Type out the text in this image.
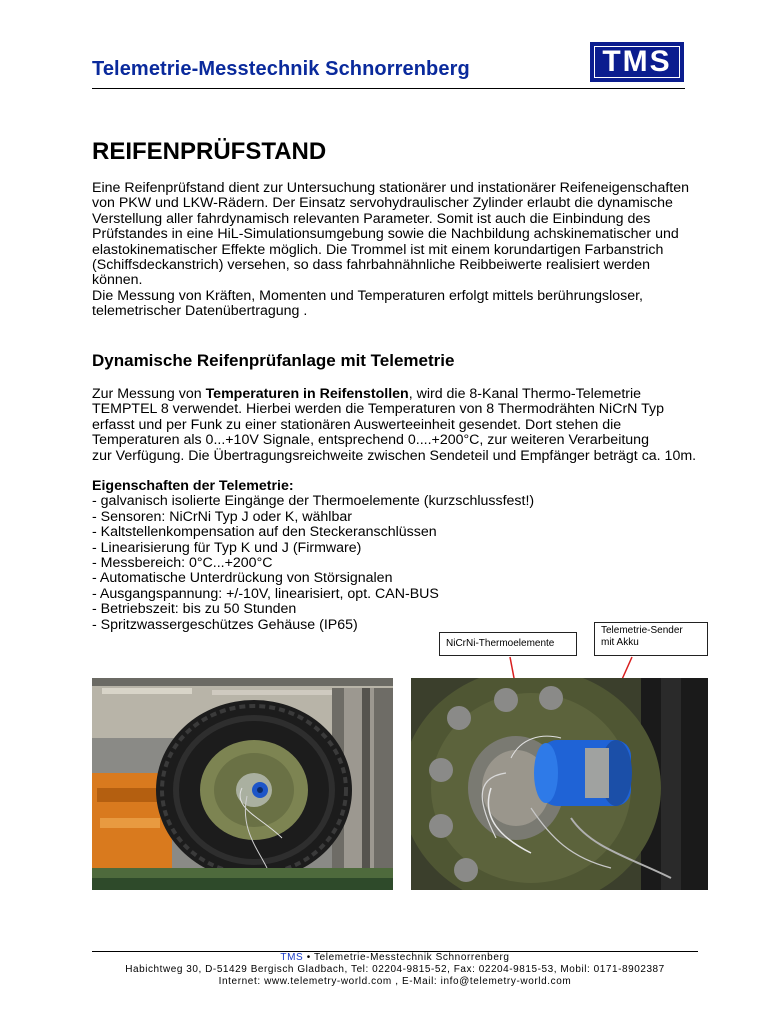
Telemetrie-Messtechnik Schnorrenberg	TMS
REIFENPRÜFSTAND
Eine Reifenprüfstand dient zur Untersuchung stationärer und instationärer Reifeneigenschaften
von PKW und LKW-Rädern. Der Einsatz servohydraulischer Zylinder erlaubt die dynamische
Verstellung aller fahrdynamisch relevanten Parameter. Somit ist auch die Einbindung des
Prüfstandes in eine HiL-Simulationsumgebung sowie die Nachbildung achskinematischer und
elastokinematischer Effekte möglich. Die Trommel ist mit einem korundartigen Farbanstrich
(Schiffsdeckanstrich) versehen, so dass fahrbahnähnliche Reibbeiwerte realisiert werden
können.
Die Messung von Kräften, Momenten und Temperaturen erfolgt mittels berührungsloser,
telemetrischer Datenübertragung .
Dynamische Reifenprüfanlage mit Telemetrie
Zur Messung von Temperaturen in Reifenstollen, wird die 8-Kanal Thermo-Telemetrie
TEMPTEL 8 verwendet. Hierbei werden die Temperaturen von 8 Thermodrähten NiCrN Typ
erfasst und per Funk zu einer stationären Auswerteeinheit gesendet. Dort stehen die
Temperaturen als 0...+10V Signale, entsprechend 0....+200°C, zur weiteren Verarbeitung
zur Verfügung. Die Übertragungsreichweite zwischen Sendeteil und Empfänger beträgt ca. 10m.
Eigenschaften der Telemetrie:
- galvanisch isolierte Eingänge der Thermoelemente (kurzschlussfest!)
- Sensoren: NiCrNi Typ J oder K, wählbar
- Kaltstellenkompensation auf den Steckeranschlüssen
- Linearisierung für Typ K und J (Firmware)
- Messbereich: 0°C...+200°C
- Automatische Unterdrückung von Störsignalen
- Ausgangspannung: +/-10V, linearisiert, opt. CAN-BUS
- Betriebszeit: bis zu 50 Stunden
- Spritzwassergeschützes Gehäuse (IP65)
NiCrNi-Thermoelemente
Telemetrie-Sender
mit Akku
TMS • Telemetrie-Messtechnik Schnorrenberg
Habichtweg 30, D-51429 Bergisch Gladbach, Tel: 02204-9815-52, Fax: 02204-9815-53, Mobil: 0171-8902387
Internet: www.telemetry-world.com , E-Mail: info@telemetry-world.com
